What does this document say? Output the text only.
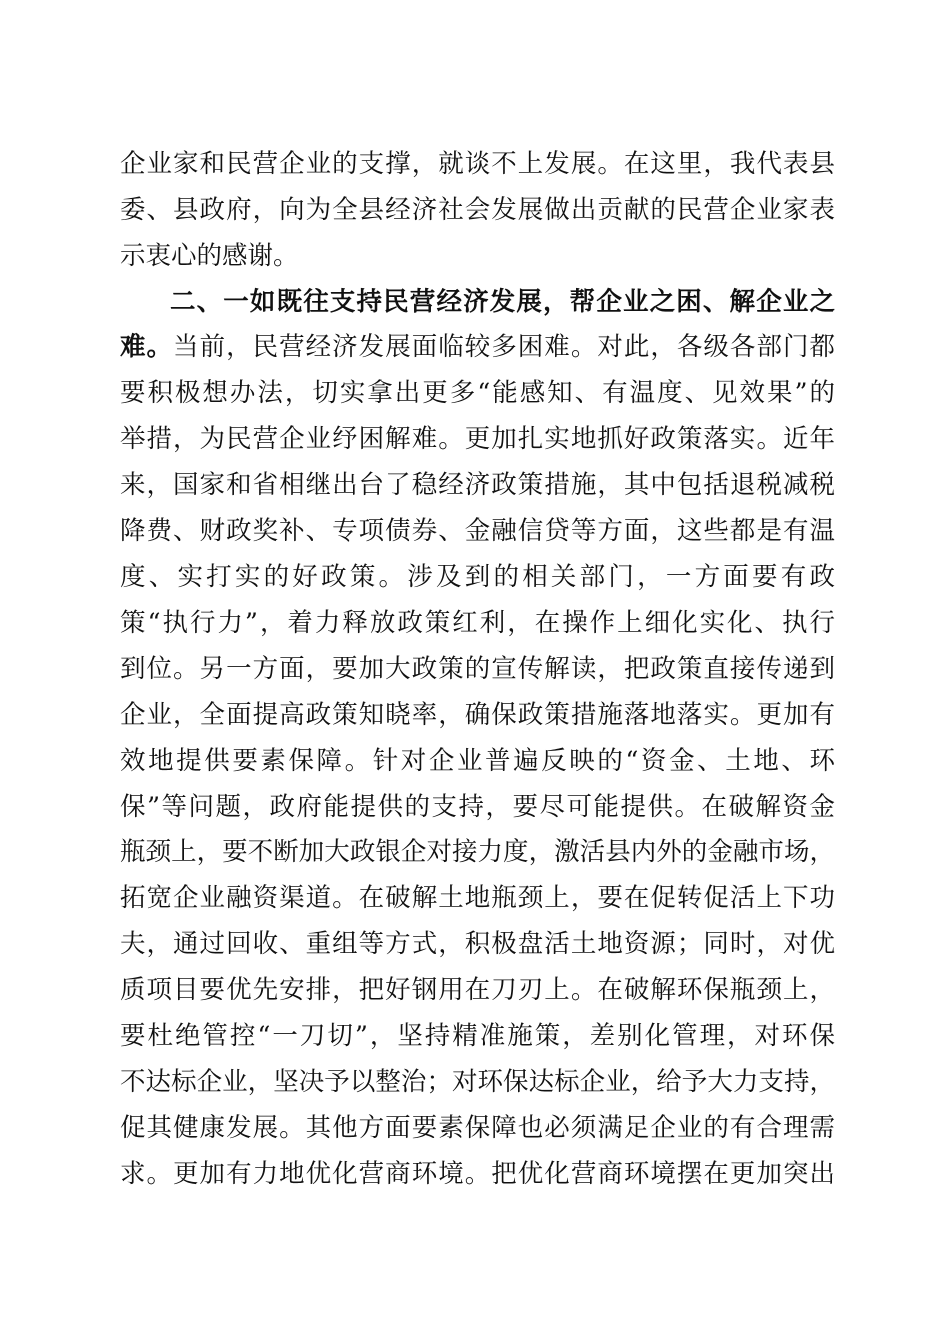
企业家和民营企业的支撑，就谈不上发展。在这里，我代表县
委、县政府，向为全县经济社会发展做出贡献的民营企业家表
示衷心的感谢。
二、一如既往支持民营经济发展，帮企业之困、解企业之
难。当前，民营经济发展面临较多困难。对此，各级各部门都
要积极想办法，切实拿出更多“能感知、有温度、见效果”的
举措，为民营企业纾困解难。更加扎实地抓好政策落实。近年
来，国家和省相继出台了稳经济政策措施，其中包括退税减税
降费、财政奖补、专项债券、金融信贷等方面，这些都是有温
度、实打实的好政策。涉及到的相关部门，一方面要有政
策“执行力”，着力释放政策红利，在操作上细化实化、执行
到位。另一方面，要加大政策的宣传解读，把政策直接传递到
企业，全面提高政策知晓率，确保政策措施落地落实。更加有
效地提供要素保障。针对企业普遍反映的“资金、土地、环
保”等问题，政府能提供的支持，要尽可能提供。在破解资金
瓶颈上，要不断加大政银企对接力度，激活县内外的金融市场，
拓宽企业融资渠道。在破解土地瓶颈上，要在促转促活上下功
夫，通过回收、重组等方式，积极盘活土地资源；同时，对优
质项目要优先安排，把好钢用在刀刃上。在破解环保瓶颈上，
要杜绝管控“一刀切”，坚持精准施策，差别化管理，对环保
不达标企业，坚决予以整治；对环保达标企业，给予大力支持，
促其健康发展。其他方面要素保障也必须满足企业的有合理需
求。更加有力地优化营商环境。把优化营商环境摆在更加突出
